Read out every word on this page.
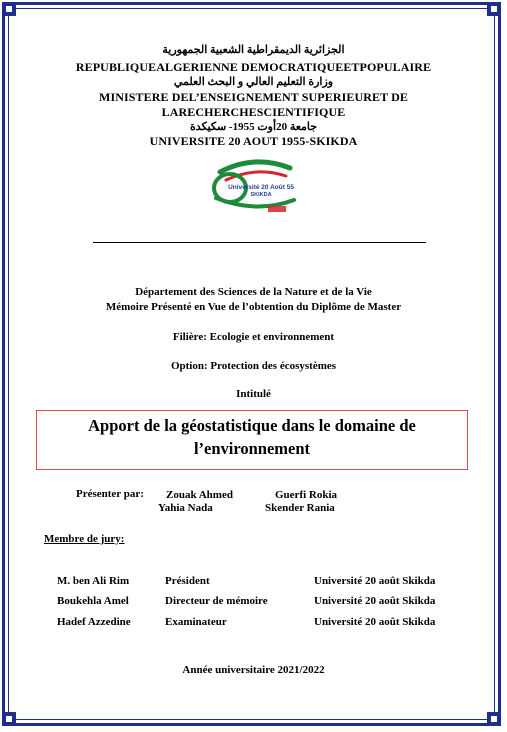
الجزائرية الديمقراطية الشعبية الجمهورية
REPUBLIQUEALGERIENNE DEMOCRATIQUEETPOPULAIRE
وزارة التعليم العالي و البحث العلمي
MINISTERE DEL’ENSEIGNEMENT SUPERIEURET DE
LARECHERCHESCIENTIFIQUE
جامعة 20أوت 1955- سكيكدة
UNIVERSITE 20 AOUT 1955-SKIKDA
Université 20 Août 55
SKIKDA
Département des Sciences de la Nature et de la Vie
Mémoire Présenté en Vue de l’obtention du Diplôme de Master
Filière: Ecologie et environnement
Option: Protection des écosystèmes
Intitulé
Apport de la géostatistique dans le domaine de
l’environnement
Présenter par: Zouak Ahmed	Guerfi Rokia
Yahia Nada	Skender Rania
Membre de jury:
M. ben Ali Rim	Président	Université 20 août Skikda
Boukehla Amel	Directeur de mémoire	Université 20 août Skikda
Hadef Azzedine	Examinateur	Université 20 août Skikda
Année universitaire 2021/2022
